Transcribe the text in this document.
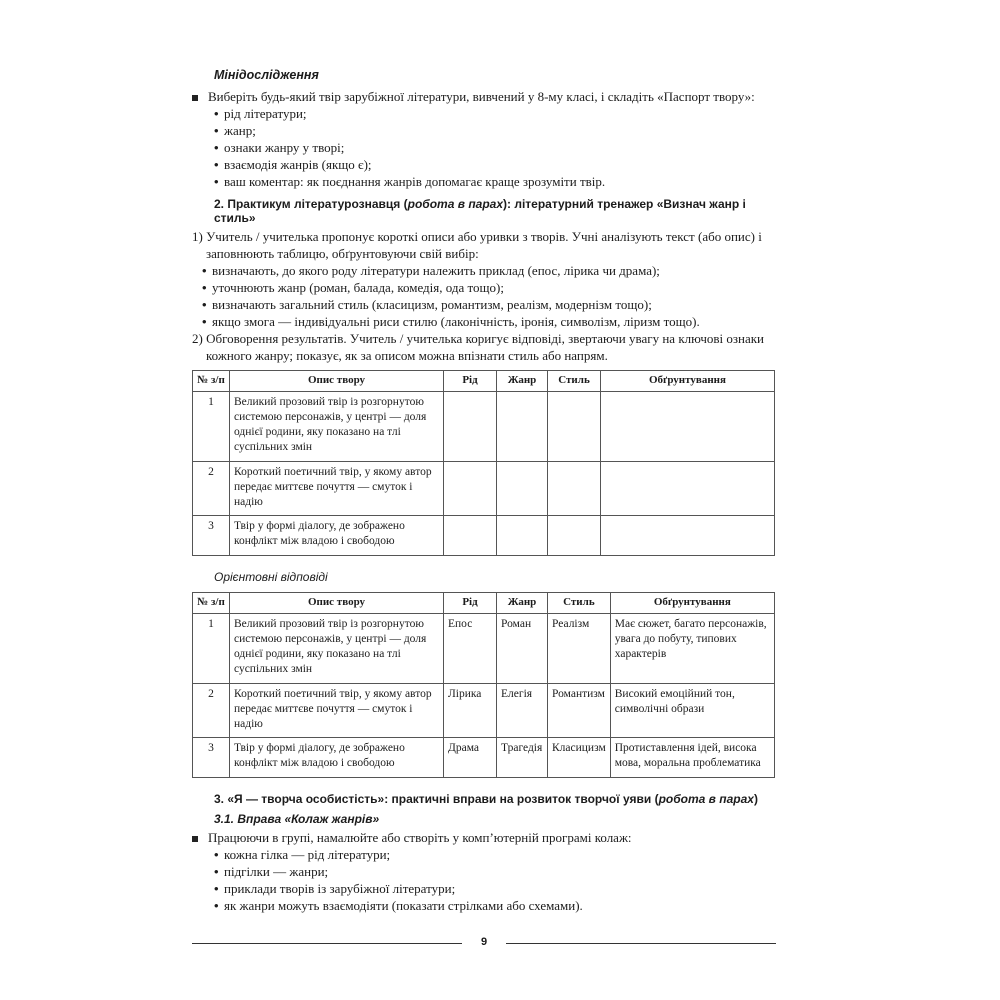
Мінідослідження

Виберіть будь-який твір зарубіжної літератури, вивчений у 8-му класі, і складіть «Паспорт твору»:

• рід літератури;

• жанр;

• ознаки жанру у творі;

• взаємодія жанрів (якщо є);

• ваш коментар: як поєднання жанрів допомагає краще зрозуміти твір.

2. Практикум літературознавця (робота в парах): літературний тренажер «Визнач жанр і стиль»

1) Учитель / учителька пропонує короткі описи або уривки з творів. Учні аналізують текст (або опис) і заповнюють таблицю, обґрунтовуючи свій вибір:

• визначають, до якого роду літератури належить приклад (епос, лірика чи драма);

• уточнюють жанр (роман, балада, комедія, ода тощо);

• визначають загальний стиль (класицизм, романтизм, реалізм, модернізм тощо);

• якщо змога — індивідуальні риси стилю (лаконічність, іронія, символізм, ліризм тощо).

2) Обговорення результатів. Учитель / учителька коригує відповіді, звертаючи увагу на ключові ознаки кожного жанру; показує, як за описом можна впізнати стиль або напрям.

№ з/п	Опис твору	Рід	Жанр	Стиль	Обґрунтування
1	Великий прозовий твір із розгорнутою системою персонажів, у центрі — доля однієї родини, яку показано на тлі суспільних змін				
2	Короткий поетичний твір, у якому автор передає миттєве почуття — смуток і надію				
3	Твір у формі діалогу, де зображено конфлікт між владою і свободою				
Орієнтовні відповіді
№ з/п	Опис твору	Рід	Жанр	Стиль	Обґрунтування
1	Великий прозовий твір із розгорнутою системою персонажів, у центрі — доля однієї родини, яку показано на тлі суспільних змін	Епос	Роман	Реалізм	Має сюжет, багато персонажів, увага до побуту, типових характерів
2	Короткий поетичний твір, у якому автор передає миттєве почуття — смуток і надію	Лірика	Елегія	Романтизм	Високий емоційний тон, символічні образи
3	Твір у формі діалогу, де зображено конфлікт між владою і свободою	Драма	Трагедія	Класицизм	Протиставлення ідей, висока мова, моральна проблематика
3. «Я — творча особистість»: практичні вправи на розвиток творчої уяви (робота в парах)
3.1. Вправа «Колаж жанрів»

Працюючи в групі, намалюйте або створіть у комп’ютерній програмі колаж:

• кожна гілка — рід літератури;

• підгілки — жанри;

• приклади творів із зарубіжної літератури;

• як жанри можуть взаємодіяти (показати стрілками або схемами).

9
